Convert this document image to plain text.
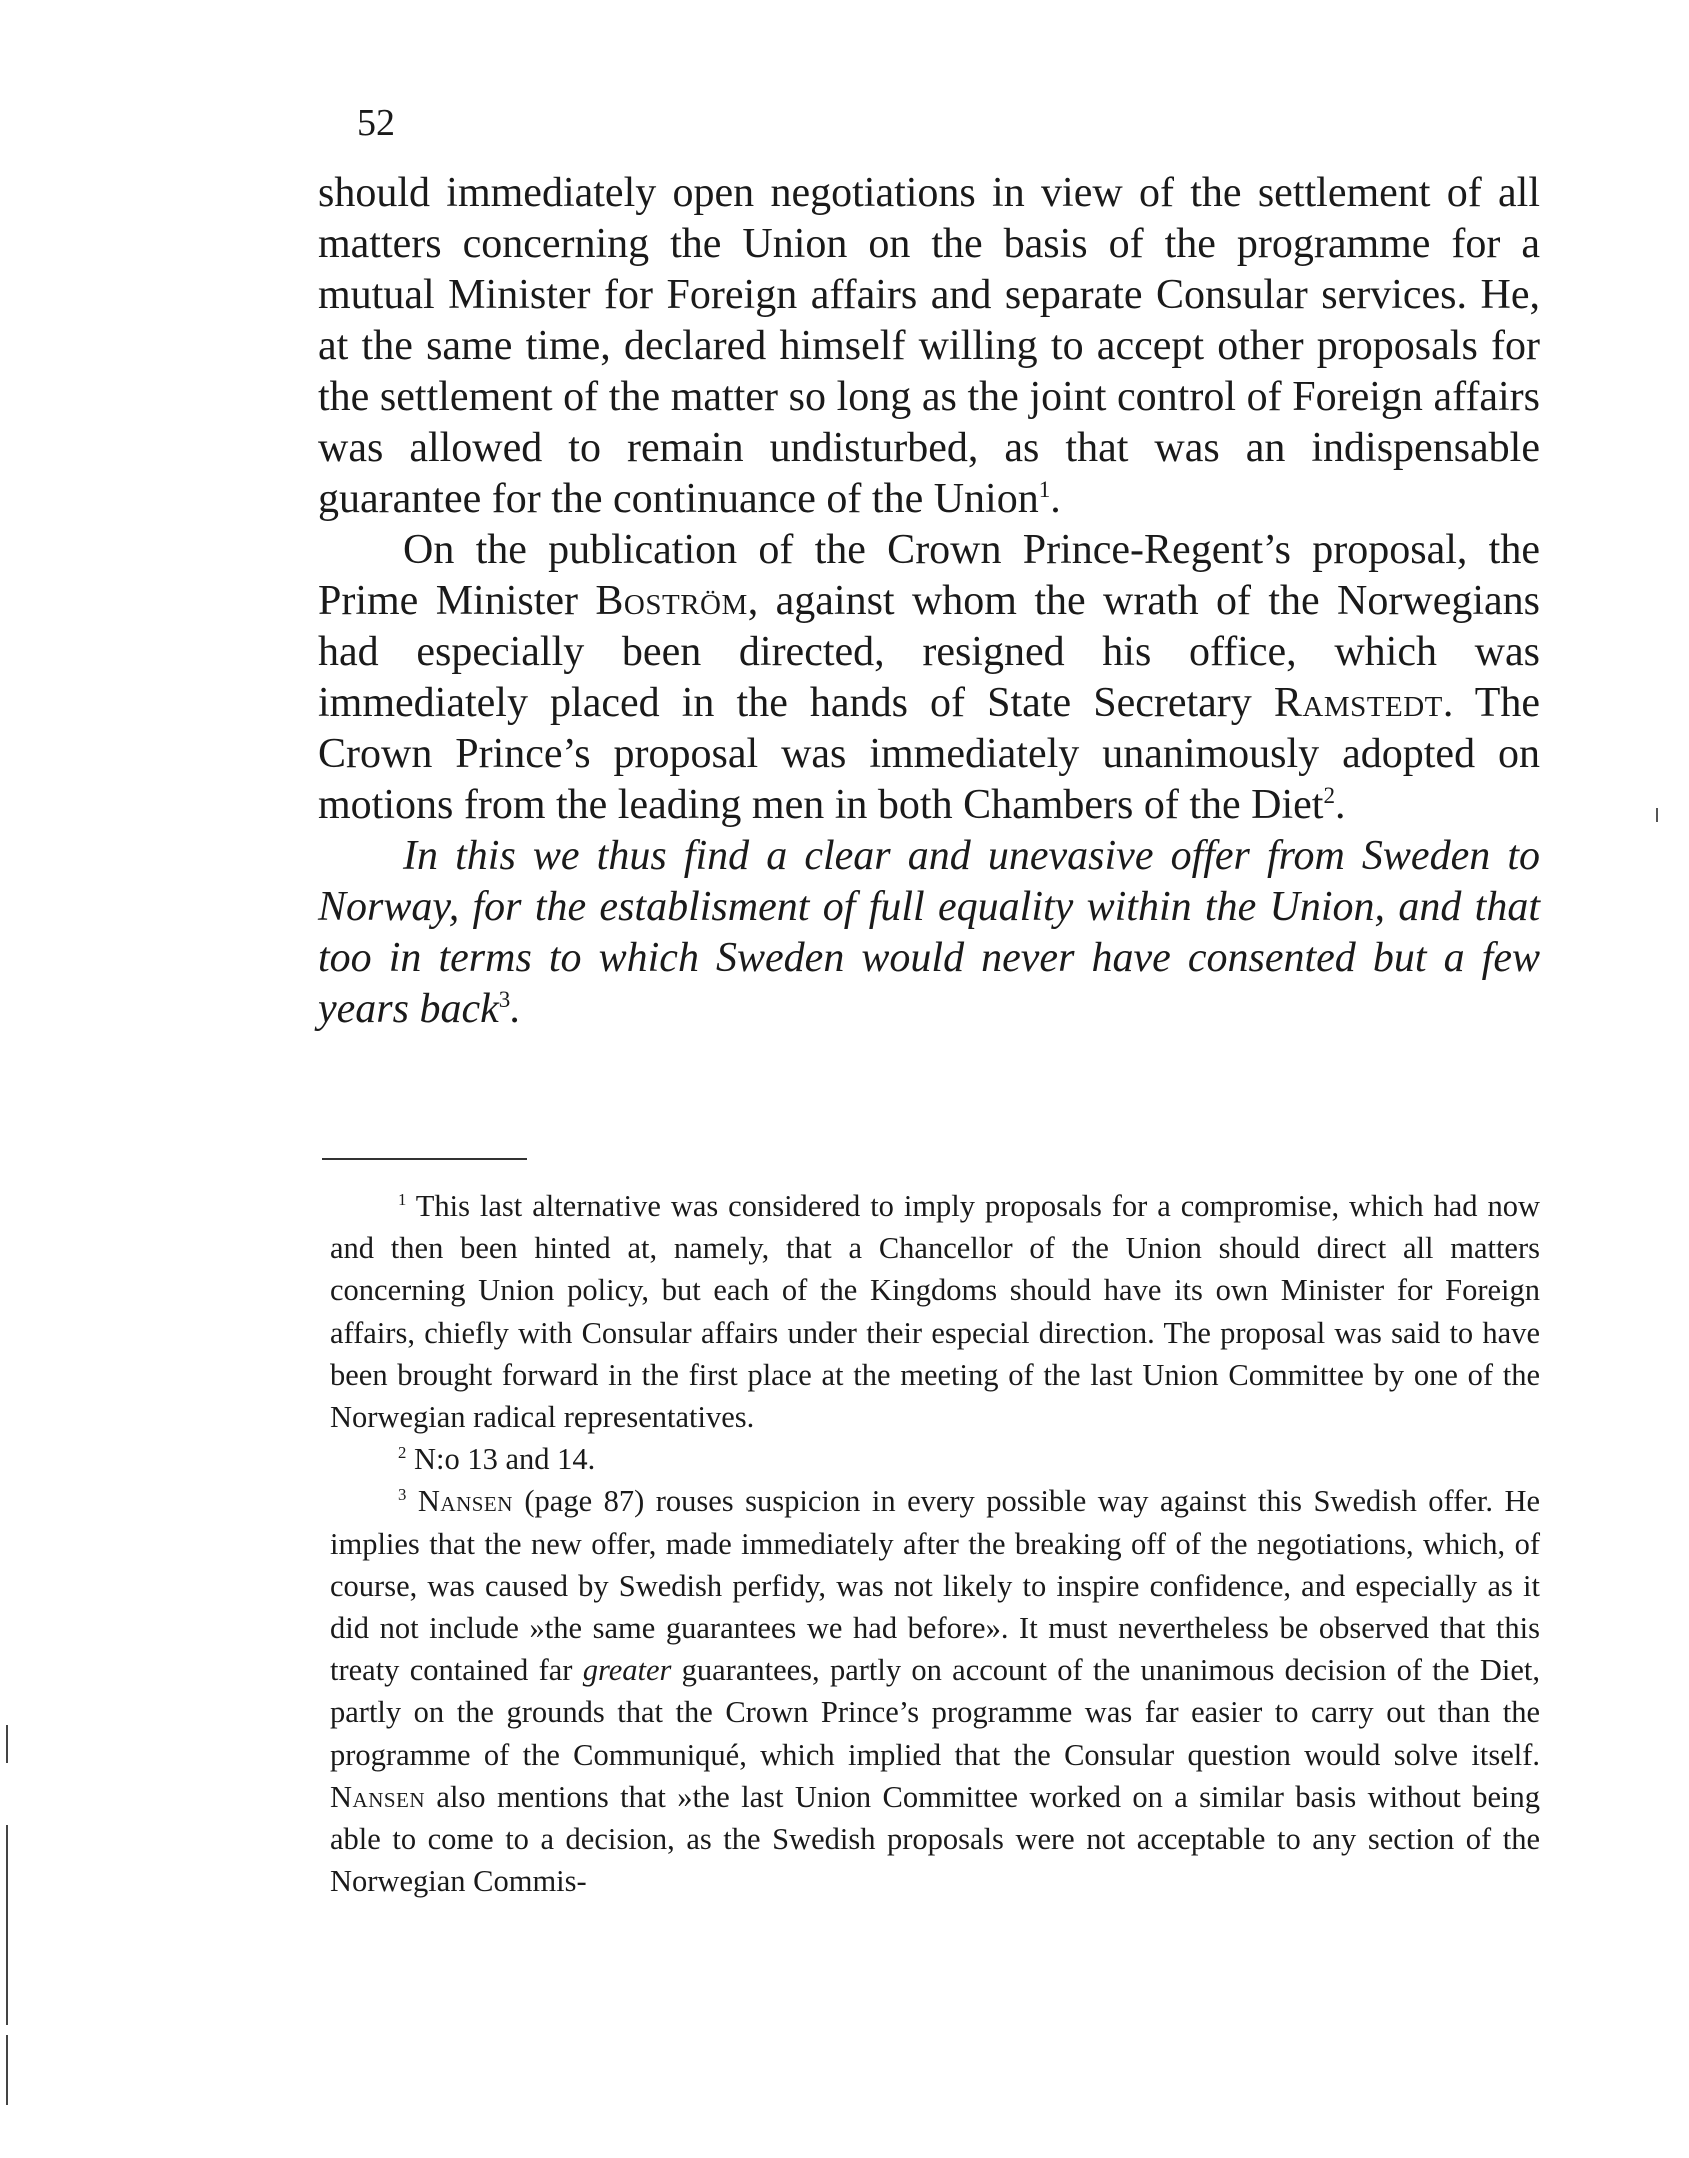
52

should immediately open negotiations in view of the settlement of all matters concerning the Union on the basis of the programme for a mutual Minister for Foreign affairs and separate Consular services. He, at the same time, declared himself willing to accept other proposals for the settlement of the matter so long as the joint control of Foreign affairs was allowed to remain undisturbed, as that was an indispensable guarantee for the continuance of the Union$^1$.

On the publication of the Crown Prince-Regent’s proposal, the Prime Minister Boström, against whom the wrath of the Norwegians had especially been directed, resigned his office, which was immediately placed in the hands of State Secretary Ramstedt. The Crown Prince’s proposal was immediately unanimously adopted on motions from the leading men in both Chambers of the Diet$^2$.

In this we thus find a clear and unevasive offer from Sweden to Norway, for the establisment of full equality within the Union, and that too in terms to which Sweden would never have consented but a few years back$^3$.

$^1$ This last alternative was considered to imply proposals for a compromise, which had now and then been hinted at, namely, that a Chancellor of the Union should direct all matters concerning Union policy, but each of the Kingdoms should have its own Minister for Foreign affairs, chiefly with Consular affairs under their especial direction. The proposal was said to have been brought forward in the first place at the meeting of the last Union Committee by one of the Norwegian radical representatives.

$^2$ N:o 13 and 14.

$^3$ Nansen (page 87) rouses suspicion in every possible way against this Swedish offer. He implies that the new offer, made immediately after the breaking off of the negotiations, which, of course, was caused by Swedish perfidy, was not likely to inspire confidence, and especially as it did not include »the same guarantees we had before». It must nevertheless be observed that this treaty contained far greater guarantees, partly on account of the unanimous decision of the Diet, partly on the grounds that the Crown Prince’s programme was far easier to carry out than the programme of the Communiqué, which implied that the Consular question would solve itself. Nansen also mentions that »the last Union Committee worked on a similar basis without being able to come to a decision, as the Swedish proposals were not acceptable to any section of the Norwegian Commis-
